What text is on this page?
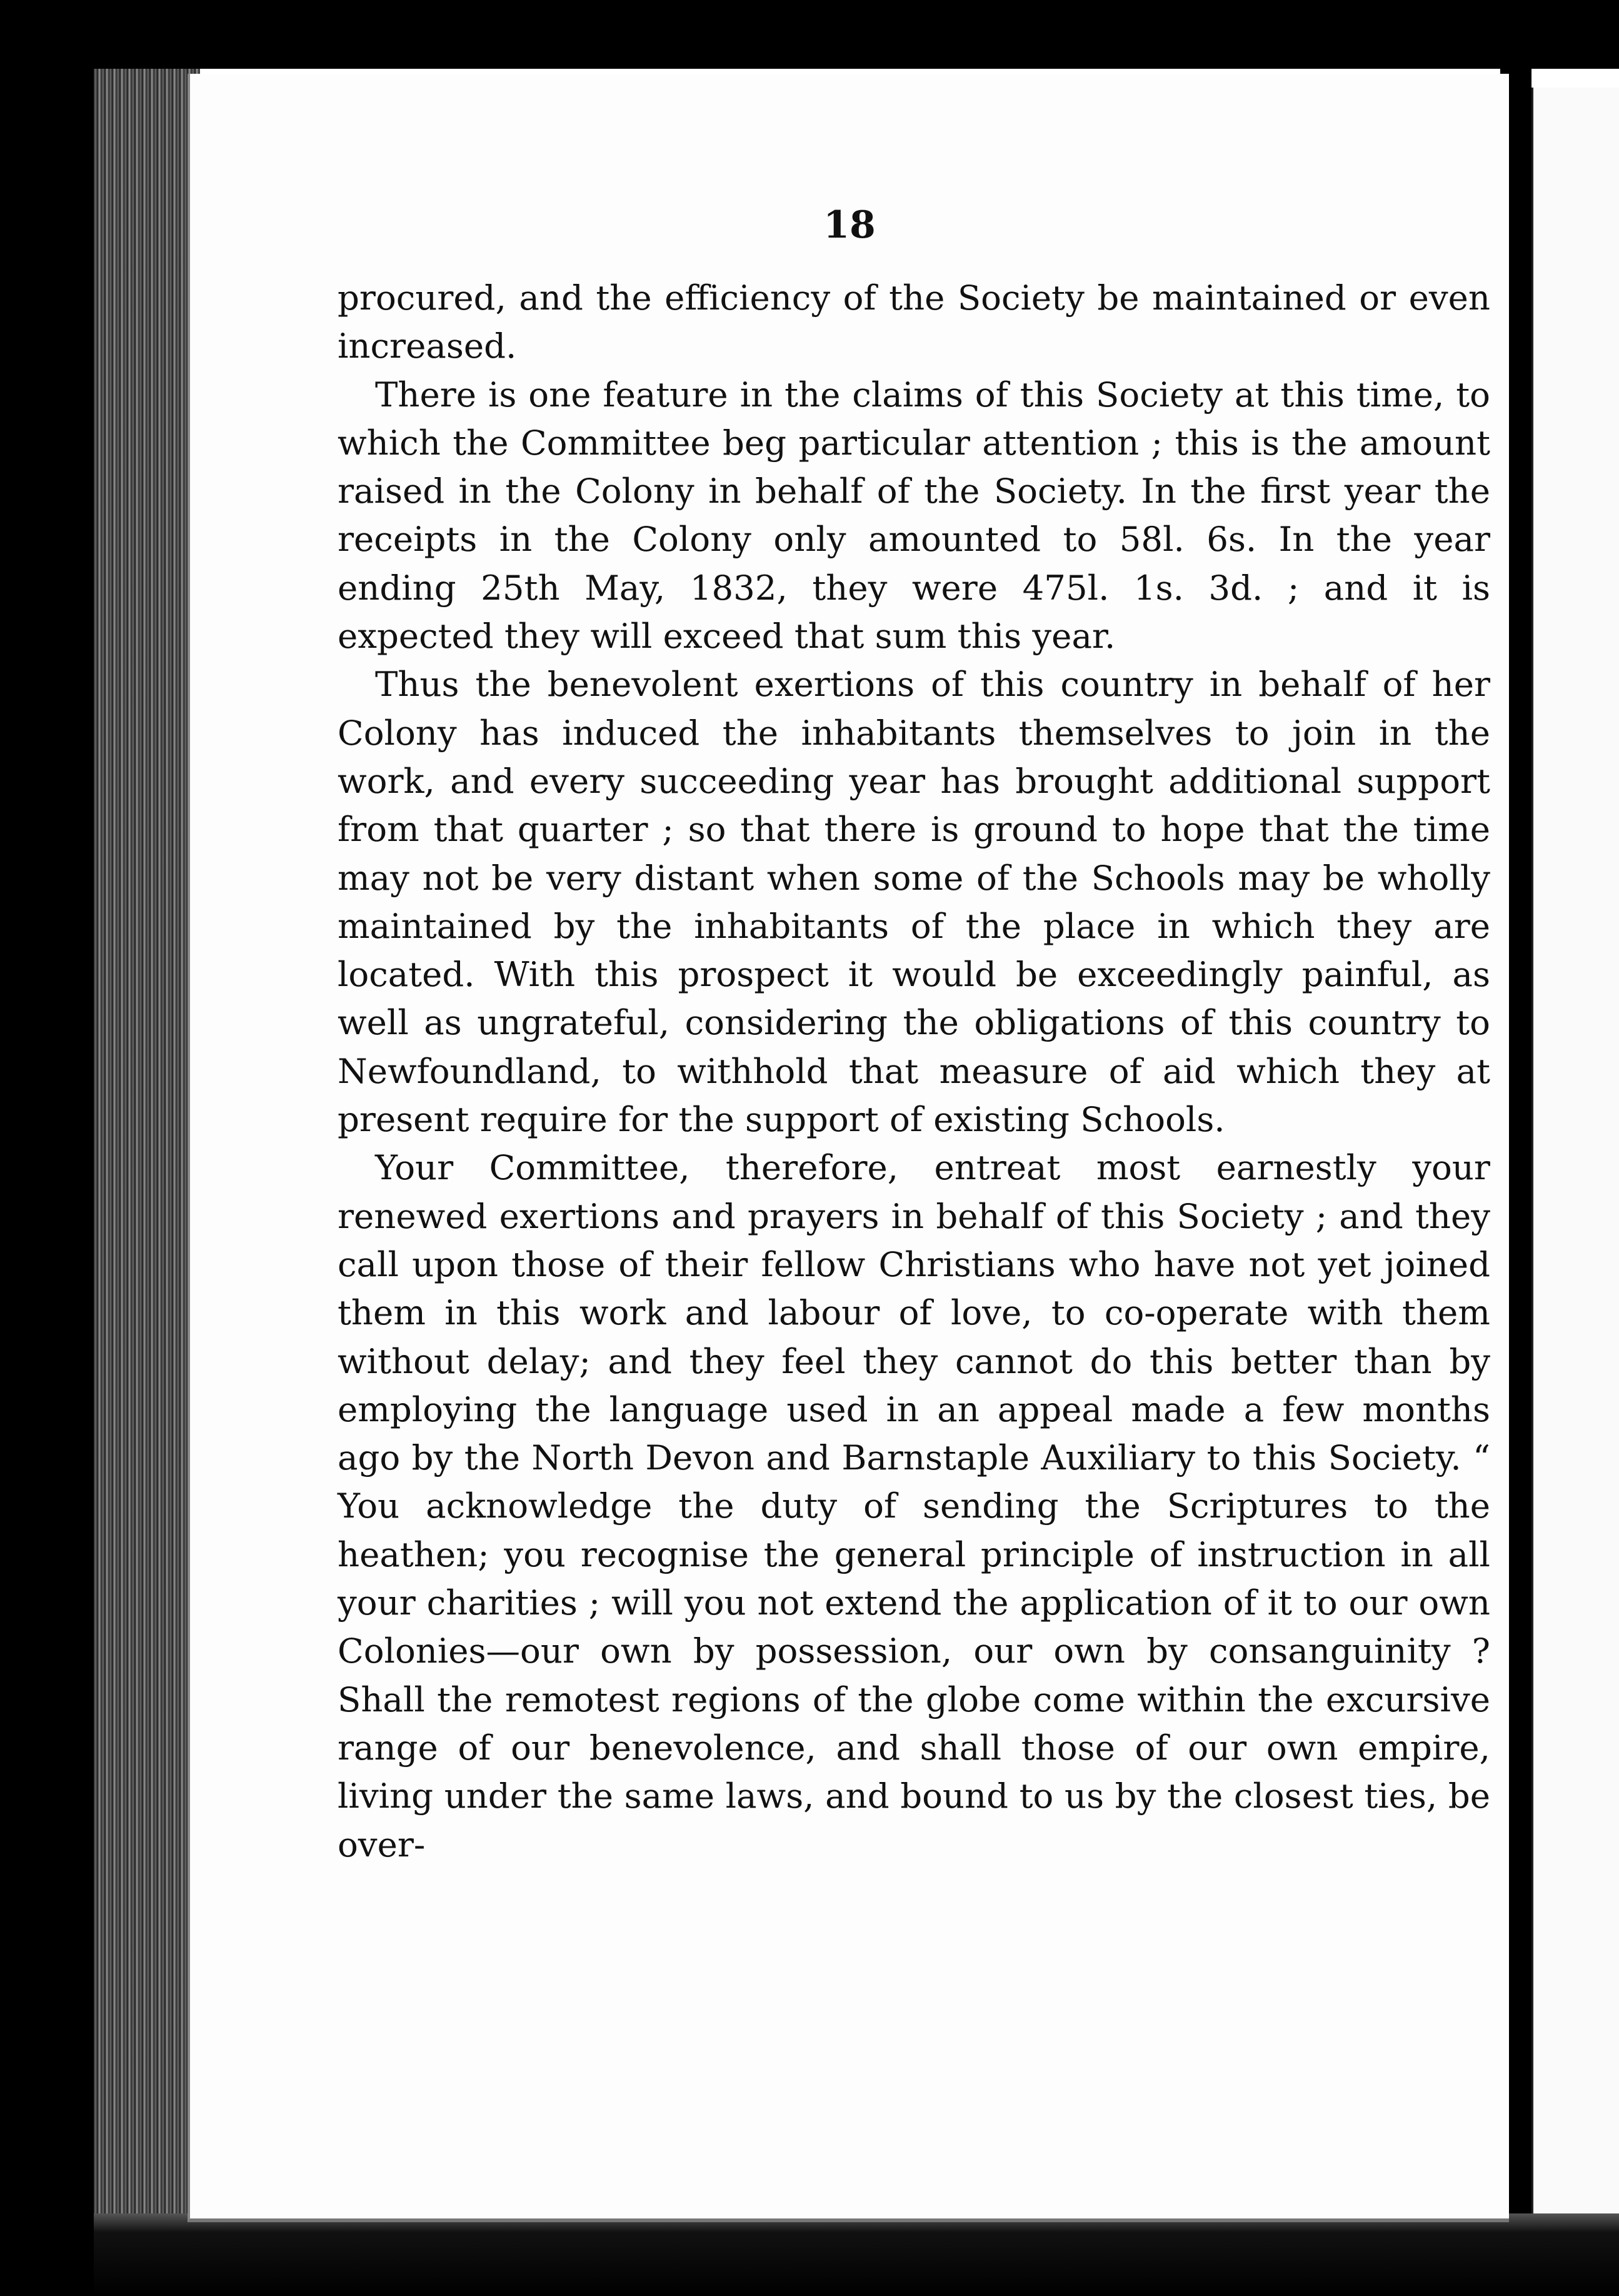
18

procured, and the efficiency of the Society be maintained or even increased.

There is one feature in the claims of this Society at this time, to which the Committee beg particular attention ; this is the amount raised in the Colony in behalf of the Society. In the first year the receipts in the Colony only amounted to 58l. 6s. In the year ending 25th May, 1832, they were 475l. 1s. 3d. ; and it is expected they will exceed that sum this year.

Thus the benevolent exertions of this country in behalf of her Colony has induced the inhabitants themselves to join in the work, and every succeeding year has brought additional support from that quarter ; so that there is ground to hope that the time may not be very distant when some of the Schools may be wholly maintained by the inhabitants of the place in which they are located. With this prospect it would be exceedingly painful, as well as ungrateful, considering the obligations of this country to Newfoundland, to withhold that measure of aid which they at present require for the support of existing Schools.

Your Committee, therefore, entreat most earnestly your renewed exertions and prayers in behalf of this Society ; and they call upon those of their fellow Christians who have not yet joined them in this work and labour of love, to co-operate with them without delay; and they feel they cannot do this better than by employing the language used in an appeal made a few months ago by the North Devon and Barnstaple Auxiliary to this Society. “ You acknowledge the duty of sending the Scriptures to the heathen; you recognise the general principle of instruction in all your charities ; will you not extend the application of it to our own Colonies—our own by possession, our own by consanguinity ? Shall the remotest regions of the globe come within the excursive range of our benevolence, and shall those of our own empire, living under the same laws, and bound to us by the closest ties, be over-
